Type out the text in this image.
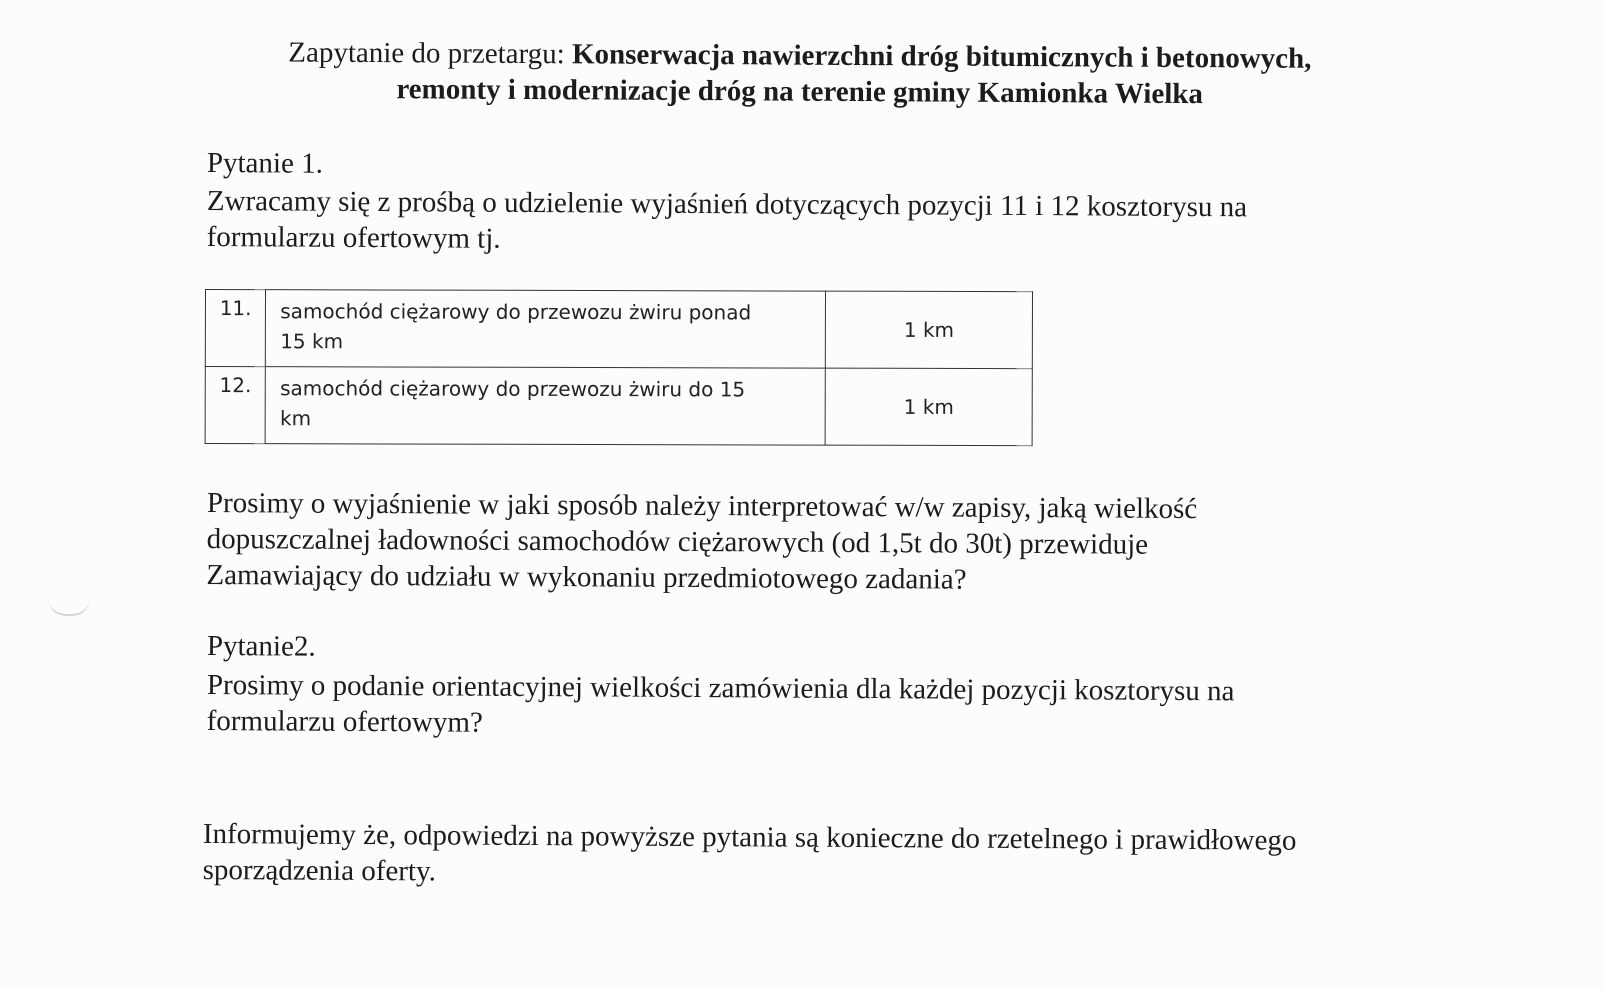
Zapytanie do przetargu: Konserwacja nawierzchni dróg bitumicznych i betonowych,
remonty i modernizacje dróg na terenie gminy Kamionka Wielka

Pytanie 1.

Zwracamy się z prośbą o udzielenie wyjaśnień dotyczących pozycji 11 i 12 kosztorysu na

formularzu ofertowym tj.

11.	samochód ciężarowy do przewozu żwiru ponad
15 km	1 km
12.	samochód ciężarowy do przewozu żwiru do 15
km	1 km

Prosimy o wyjaśnienie w jaki sposób należy interpretować w/w zapisy, jaką wielkość

dopuszczalnej ładowności samochodów ciężarowych (od 1,5t do 30t) przewiduje

Zamawiający do udziału w wykonaniu przedmiotowego zadania?

Pytanie2.

Prosimy o podanie orientacyjnej wielkości zamówienia dla każdej pozycji kosztorysu na

formularzu ofertowym?

Informujemy że, odpowiedzi na powyższe pytania są konieczne do rzetelnego i prawidłowego

sporządzenia oferty.
